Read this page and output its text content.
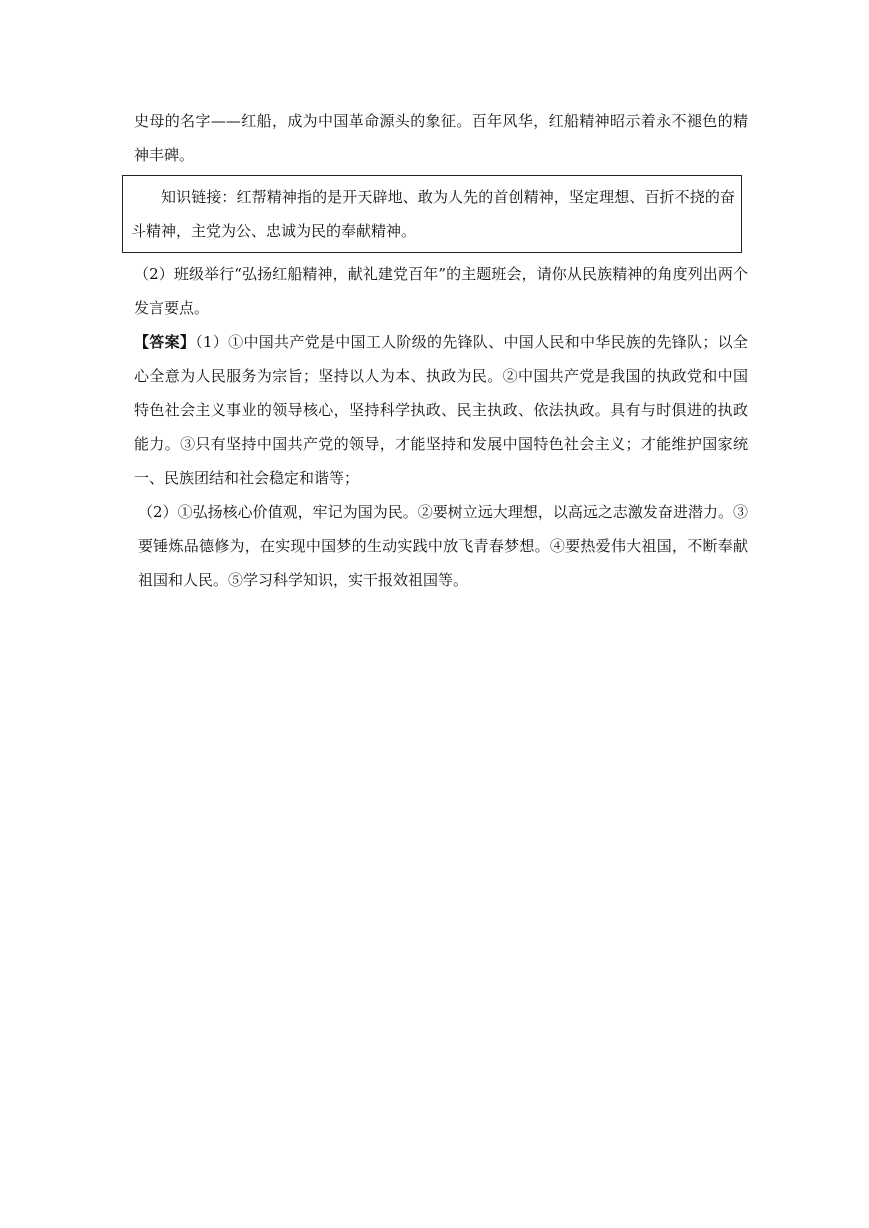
史母的名字——红船，成为中国革命源头的象征。百年风华，红船精神昭示着永不褪色的精神丰碑。

知识链接：红帮精神指的是开天辟地、敢为人先的首创精神，坚定理想、百折不挠的奋斗精神，主党为公、忠诚为民的奉献精神。

（2）班级举行“弘扬红船精神，献礼建党百年”的主题班会，请你从民族精神的角度列出两个发言要点。

【答案】（1）①中国共产党是中国工人阶级的先锋队、中国人民和中华民族的先锋队；以全心全意为人民服务为宗旨；坚持以人为本、执政为民。②中国共产党是我国的执政党和中国特色社会主义事业的领导核心，坚持科学执政、民主执政、依法执政。具有与时俱进的执政能力。③只有坚持中国共产党的领导，才能坚持和发展中国特色社会主义；才能维护国家统一、民族团结和社会稳定和谐等；

（2）①弘扬核心价值观，牢记为国为民。②要树立远大理想，以高远之志激发奋进潜力。③要锤炼品德修为，在实现中国梦的生动实践中放飞青春梦想。④要热爱伟大祖国，不断奉献祖国和人民。⑤学习科学知识，实干报效祖国等。
